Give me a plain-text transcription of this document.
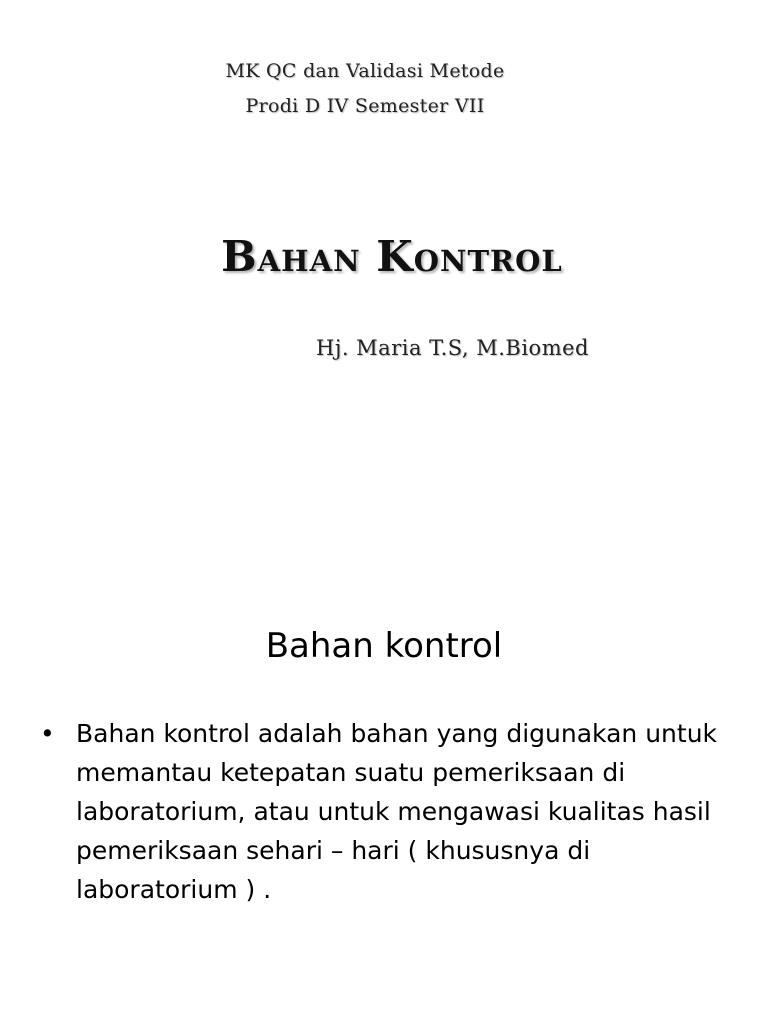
MK QC dan Validasi Metode
Prodi D IV Semester VII
Bahan Kontrol
Hj. Maria T.S, M.Biomed
Bahan kontrol
• Bahan kontrol adalah bahan yang digunakan untuk memantau ketepatan suatu pemeriksaan di laboratorium, atau untuk mengawasi kualitas hasil pemeriksaan sehari – hari ( khususnya di laboratorium ) .
